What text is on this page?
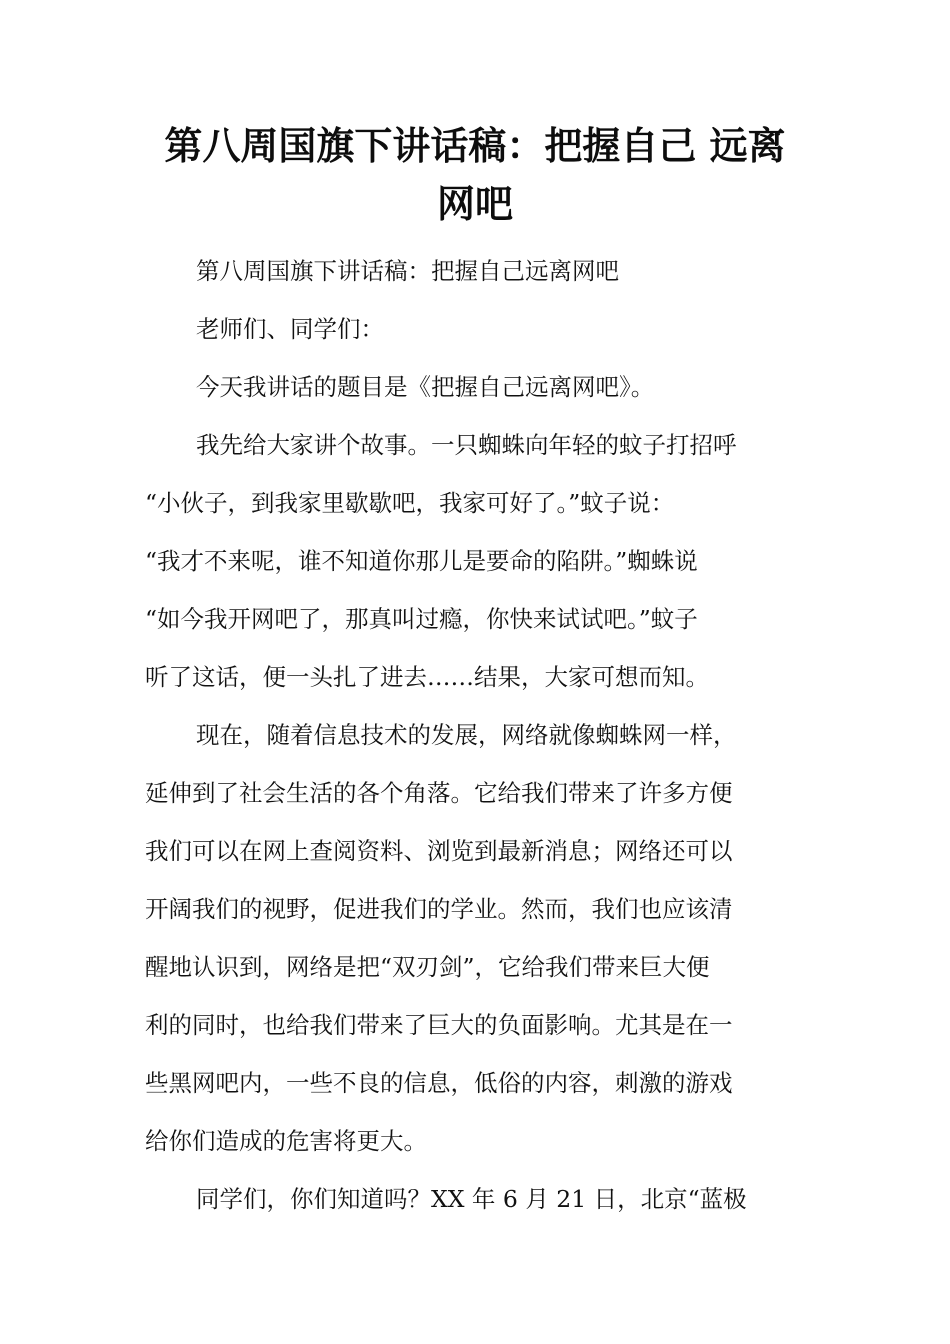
第八周国旗下讲话稿：把握自己 远离
网吧

第八周国旗下讲话稿：把握自己远离网吧

老师们、同学们：

今天我讲话的题目是《把握自己远离网吧》。

我先给大家讲个故事。一只蜘蛛向年轻的蚊子打招呼

“小伙子，到我家里歇歇吧，我家可好了。”蚊子说：

“我才不来呢，谁不知道你那儿是要命的陷阱。”蜘蛛说

“如今我开网吧了，那真叫过瘾，你快来试试吧。”蚊子

听了这话，便一头扎了进去……结果，大家可想而知。

现在，随着信息技术的发展，网络就像蜘蛛网一样，

延伸到了社会生活的各个角落。它给我们带来了许多方便

我们可以在网上查阅资料、浏览到最新消息；网络还可以

开阔我们的视野，促进我们的学业。然而，我们也应该清

醒地认识到，网络是把“双刃剑”，它给我们带来巨大便

利的同时，也给我们带来了巨大的负面影响。尤其是在一

些黑网吧内，一些不良的信息，低俗的内容，刺激的游戏

给你们造成的危害将更大。

同学们，你们知道吗？XX 年 6 月 21 日，北京“蓝极
